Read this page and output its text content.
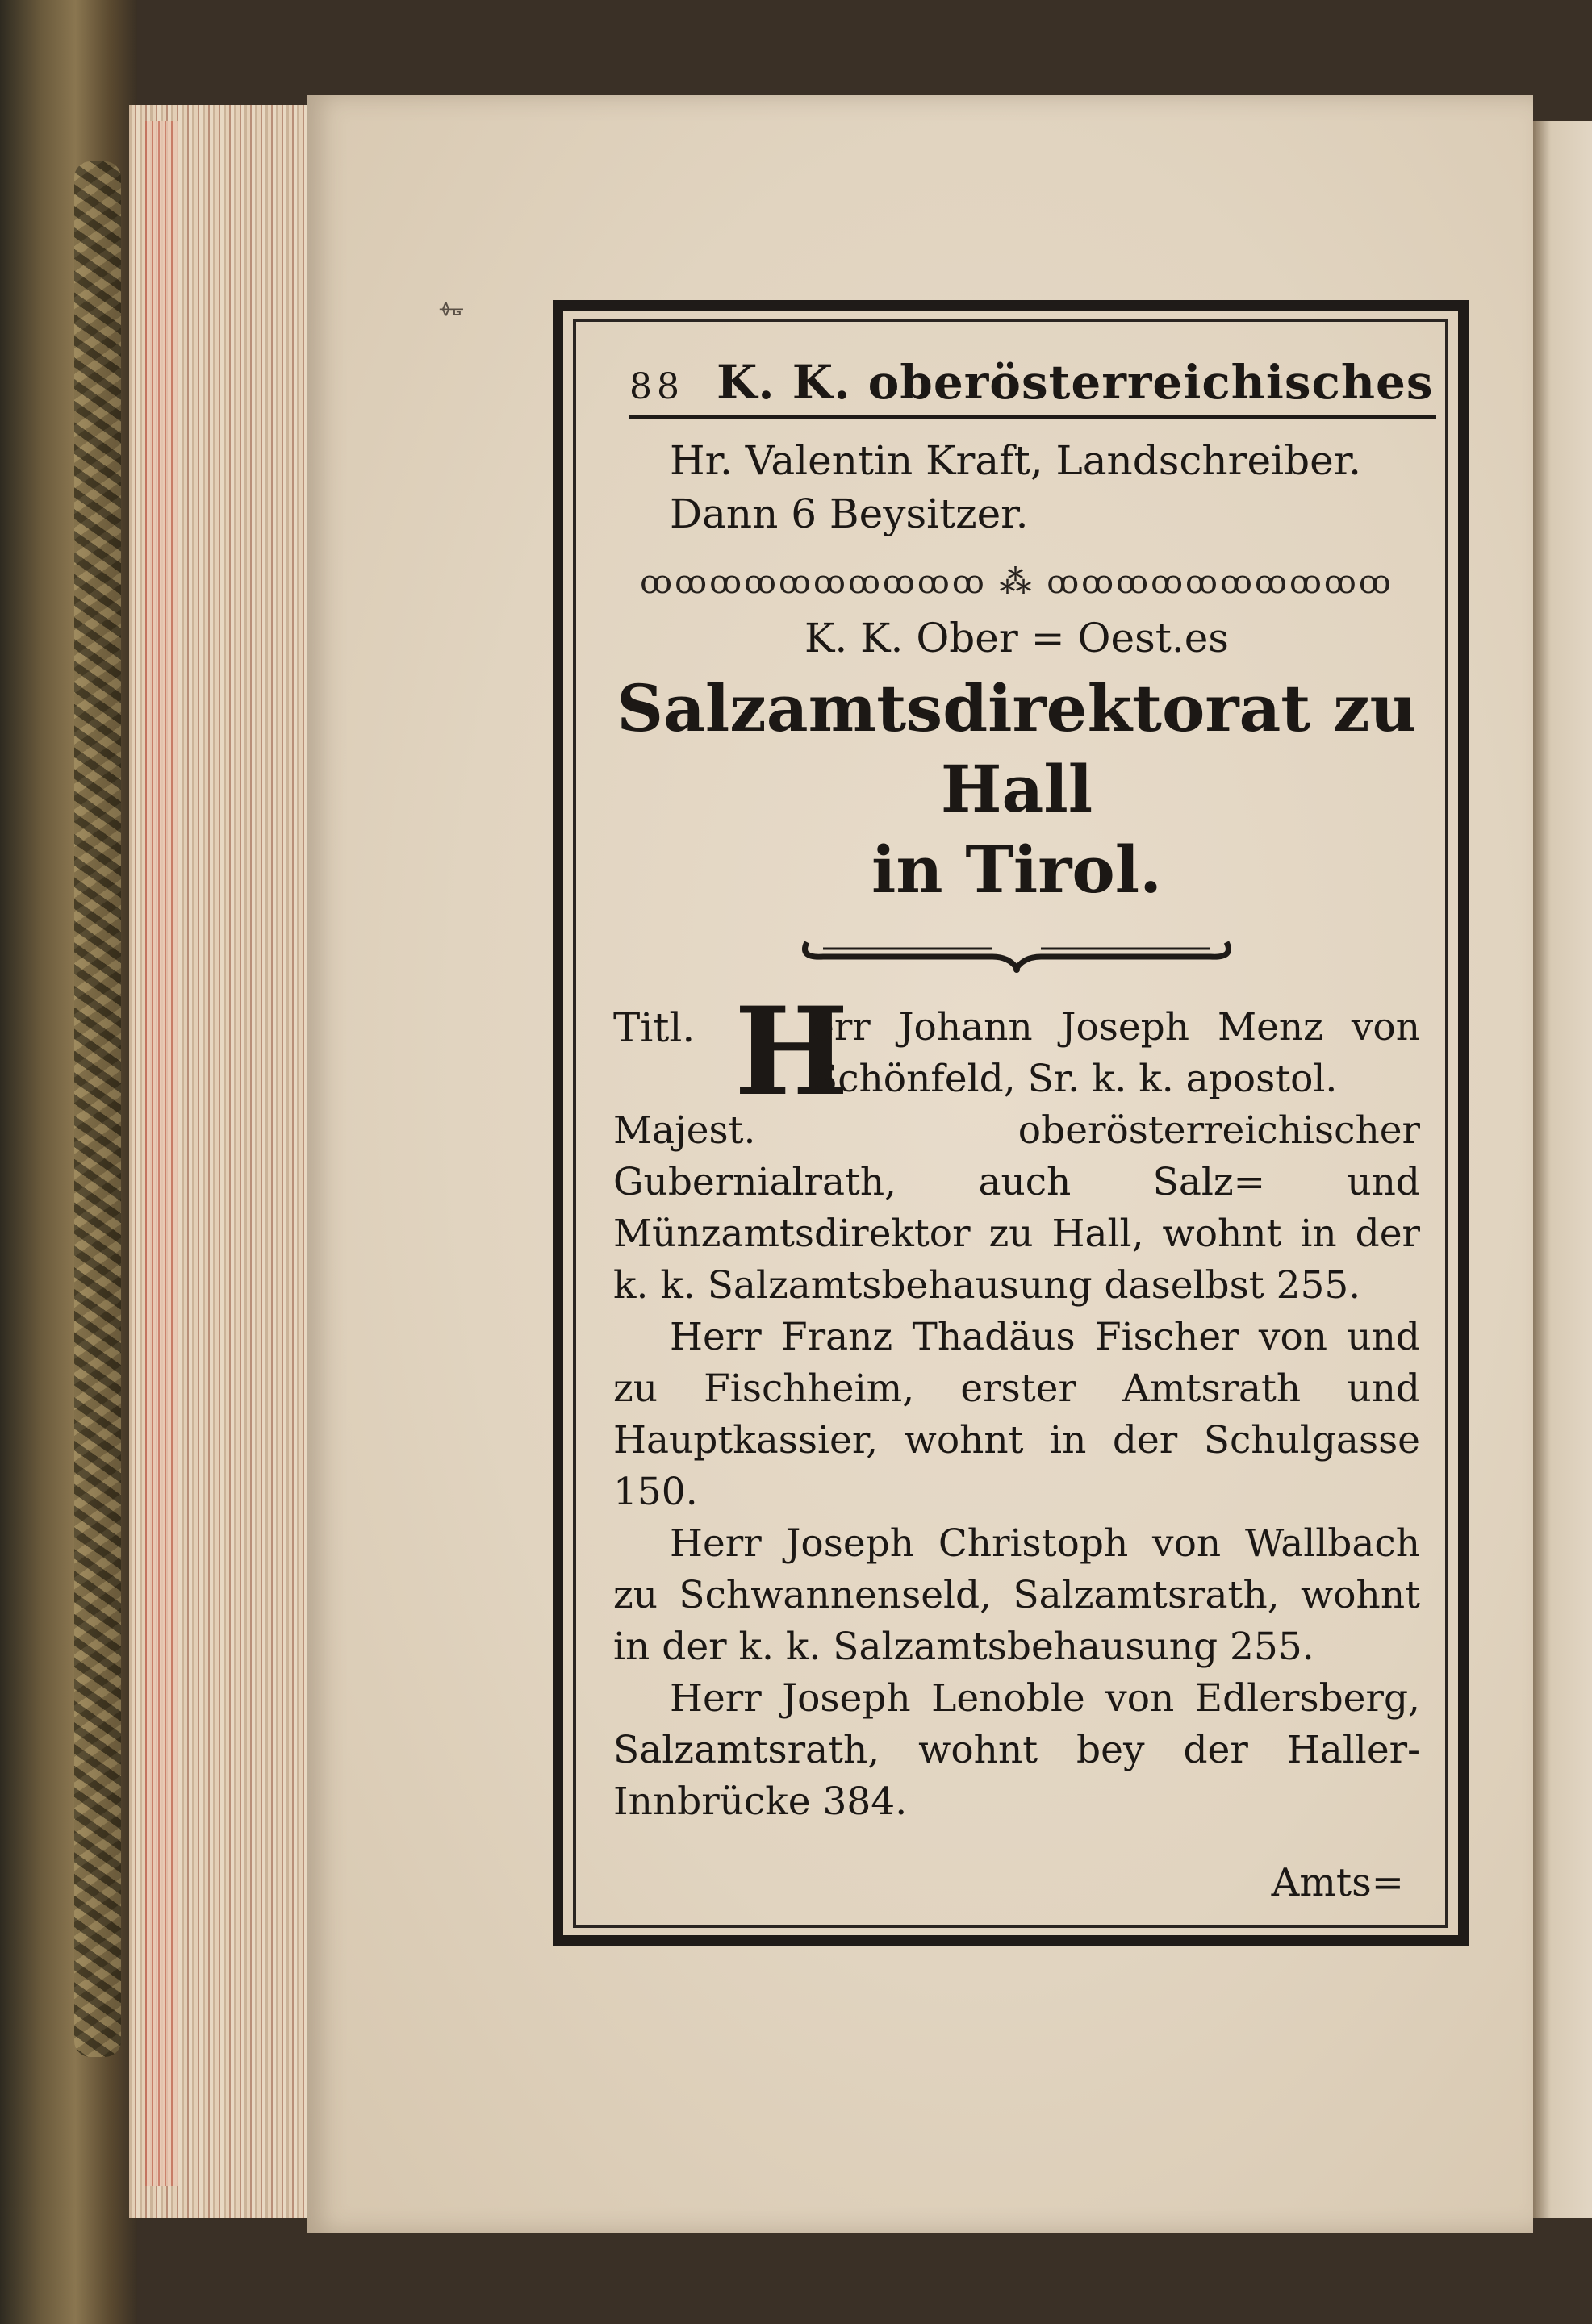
ᚖᚗ
88 K. K. oberösterreichisches
Hr. Valentin Kraft, Landschreiber.
Dann 6 Beysitzer.
ꝏꝏꝏꝏꝏꝏꝏꝏꝏꝏ ⁂ ꝏꝏꝏꝏꝏꝏꝏꝏꝏꝏ
K. K. Ober = Oest.es
Salzamtsdirektorat zu Hall
in Tirol.
Titl. H
err Johann Joseph Menz von Schönfeld, Sr. k. k. apostol.
Majest. oberösterreichischer Gubernialrath, auch Salz= und Münzamtsdirektor zu Hall, wohnt in der k. k. Salzamtsbehausung daselbst 255.
Herr Franz Thadäus Fischer von und zu Fischheim, erster Amtsrath und Hauptkassier, wohnt in der Schulgasse 150.
Herr Joseph Christoph von Wallbach zu Schwannenseld, Salzamtsrath, wohnt in der k. k. Salzamtsbehausung 255.
Herr Joseph Lenoble von Edlersberg, Salzamtsrath, wohnt bey der Haller-Innbrücke 384.
Amts=
